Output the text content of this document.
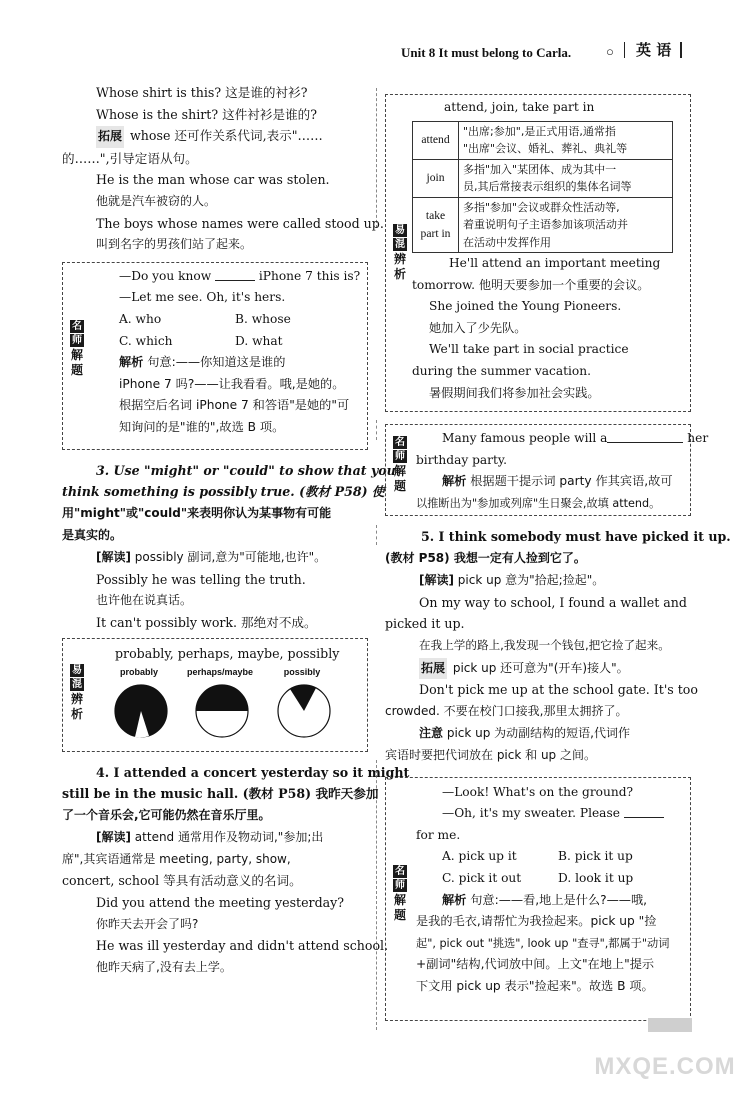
Unit 8 It must belong to Carla.	○ 英 语

Whose shirt is this? 这是谁的衬衫?

Whose is the shirt? 这件衬衫是谁的?

拓展 whose 还可作关系代词,表示"……

的……",引导定语从句。

He is the man whose car was stolen.

他就是汽车被窃的人。

The boys whose names were called stood up.

叫到名字的男孩们站了起来。

名
师
解
题

—Do you know	iPhone 7 this is?

—Let me see. Oh, it's hers.

A. who	B. whose
C. which	D. what

解析 句意:——你知道这是谁的

iPhone 7 吗?——让我看看。哦,是她的。

根据空后名词 iPhone 7 和答语"是她的"可

知询问的是"谁的",故选 B 项。

3. Use "might" or "could" to show that you

think something is possibly true. (教材 P58) 使

用"might"或"could"来表明你认为某事物有可能

是真实的。

[解读] possibly 副词,意为"可能地,也许"。

Possibly he was telling the truth.

也许他在说真话。

It can't possibly work. 那绝对不成。

易
混
辨
析
probably, perhaps, maybe, possibly
probably	perhaps/maybe	possibly

4. I attended a concert yesterday so it might

still be in the music hall. (教材 P58) 我昨天参加

了一个音乐会,它可能仍然在音乐厅里。

[解读] attend 通常用作及物动词,"参加;出

席",其宾语通常是 meeting, party, show,

concert, school 等具有活动意义的名词。

Did you attend the meeting yesterday?

你昨天去开会了吗?

He was ill yesterday and didn't attend school.

他昨天病了,没有去上学。

易
混
辨
析

attend, join, take part in

attend	"出席;参加",是正式用语,通常指
"出席"会议、婚礼、葬礼、典礼等
join	多指"加入"某团体、成为其中一
员,其后常接表示组织的集体名词等
take part in	多指"参加"会议或群众性活动等,
着重说明句子主语参加该项活动并
在活动中发挥作用

He'll attend an important meeting

tomorrow. 他明天要参加一个重要的会议。

She joined the Young Pioneers.

她加入了少先队。

We'll take part in social practice

during the summer vacation.

暑假期间我们将参加社会实践。

名
师
解
题

Many famous people will a	her

birthday party.

解析 根据题干提示词 party 作其宾语,故可

以推断出为"参加或列席"生日聚会,故填 attend。

5. I think somebody must have picked it up.

(教材 P58) 我想一定有人捡到它了。

[解读] pick up 意为"拾起;捡起"。

On my way to school, I found a wallet and

picked it up.

在我上学的路上,我发现一个钱包,把它捡了起来。

拓展 pick up 还可意为"(开车)接人"。

Don't pick me up at the school gate. It's too

crowded. 不要在校门口接我,那里太拥挤了。

注意 pick up 为动副结构的短语,代词作

宾语时要把代词放在 pick 和 up 之间。

名
师
解
题

—Look! What's on the ground?

—Oh, it's my sweater. Please

for me.

A. pick up it	B. pick it up
C. pick it out	D. look it up

解析 句意:——看,地上是什么?——哦,

是我的毛衣,请帮忙为我捡起来。pick up "捡

起", pick out "挑选", look up "查寻",都属于"动词

+副词"结构,代词放中间。上文"在地上"提示

下文用 pick up 表示"捡起来"。故选 B 项。

MXQE.COM
